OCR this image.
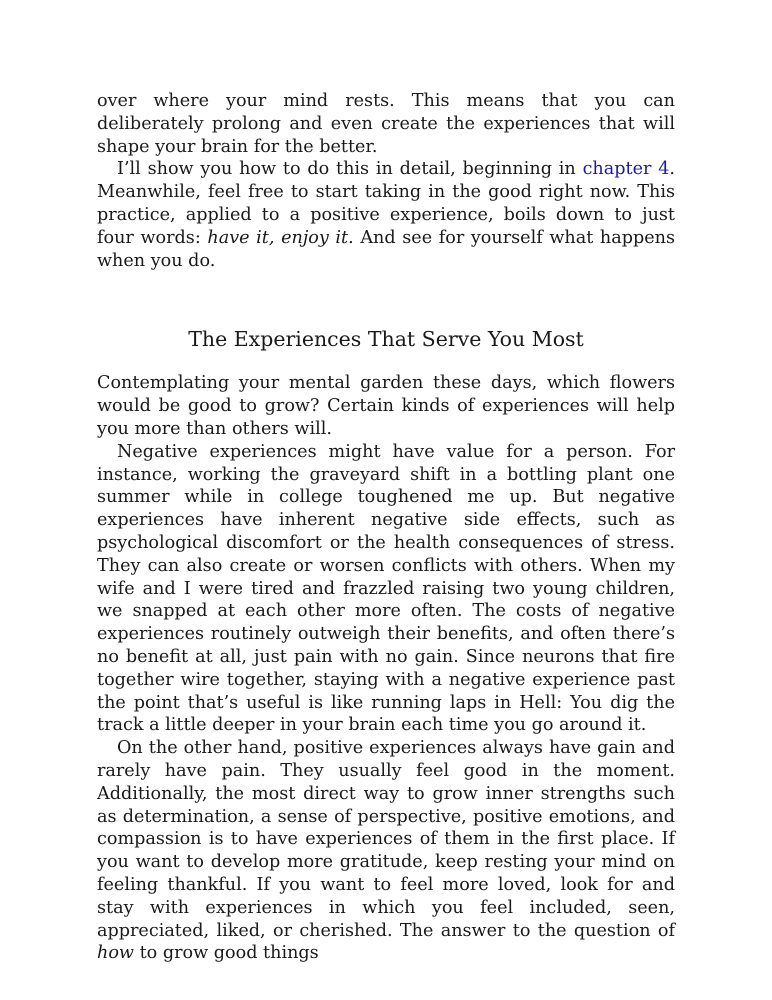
over where your mind rests. This means that you can deliberately prolong and even create the experiences that will shape your brain for the better.

I’ll show you how to do this in detail, beginning in chapter 4. Meanwhile, feel free to start taking in the good right now. This practice, applied to a positive experience, boils down to just four words: have it, enjoy it. And see for yourself what happens when you do.

The Experiences That Serve You Most

Contemplating your mental garden these days, which flowers would be good to grow? Certain kinds of experiences will help you more than others will.

Negative experiences might have value for a person. For instance, working the graveyard shift in a bottling plant one summer while in college toughened me up. But negative experiences have inherent negative side effects, such as psychological discomfort or the health consequences of stress. They can also create or worsen conflicts with others. When my wife and I were tired and frazzled raising two young children, we snapped at each other more often. The costs of negative experiences routinely outweigh their benefits, and often there’s no benefit at all, just pain with no gain. Since neurons that fire together wire together, staying with a negative experience past the point that’s useful is like running laps in Hell: You dig the track a little deeper in your brain each time you go around it.

On the other hand, positive experiences always have gain and rarely have pain. They usually feel good in the moment. Additionally, the most direct way to grow inner strengths such as determination, a sense of perspective, positive emotions, and compassion is to have experiences of them in the first place. If you want to develop more gratitude, keep resting your mind on feeling thankful. If you want to feel more loved, look for and stay with experiences in which you feel included, seen, appreciated, liked, or cherished. The answer to the question of how to grow good things
